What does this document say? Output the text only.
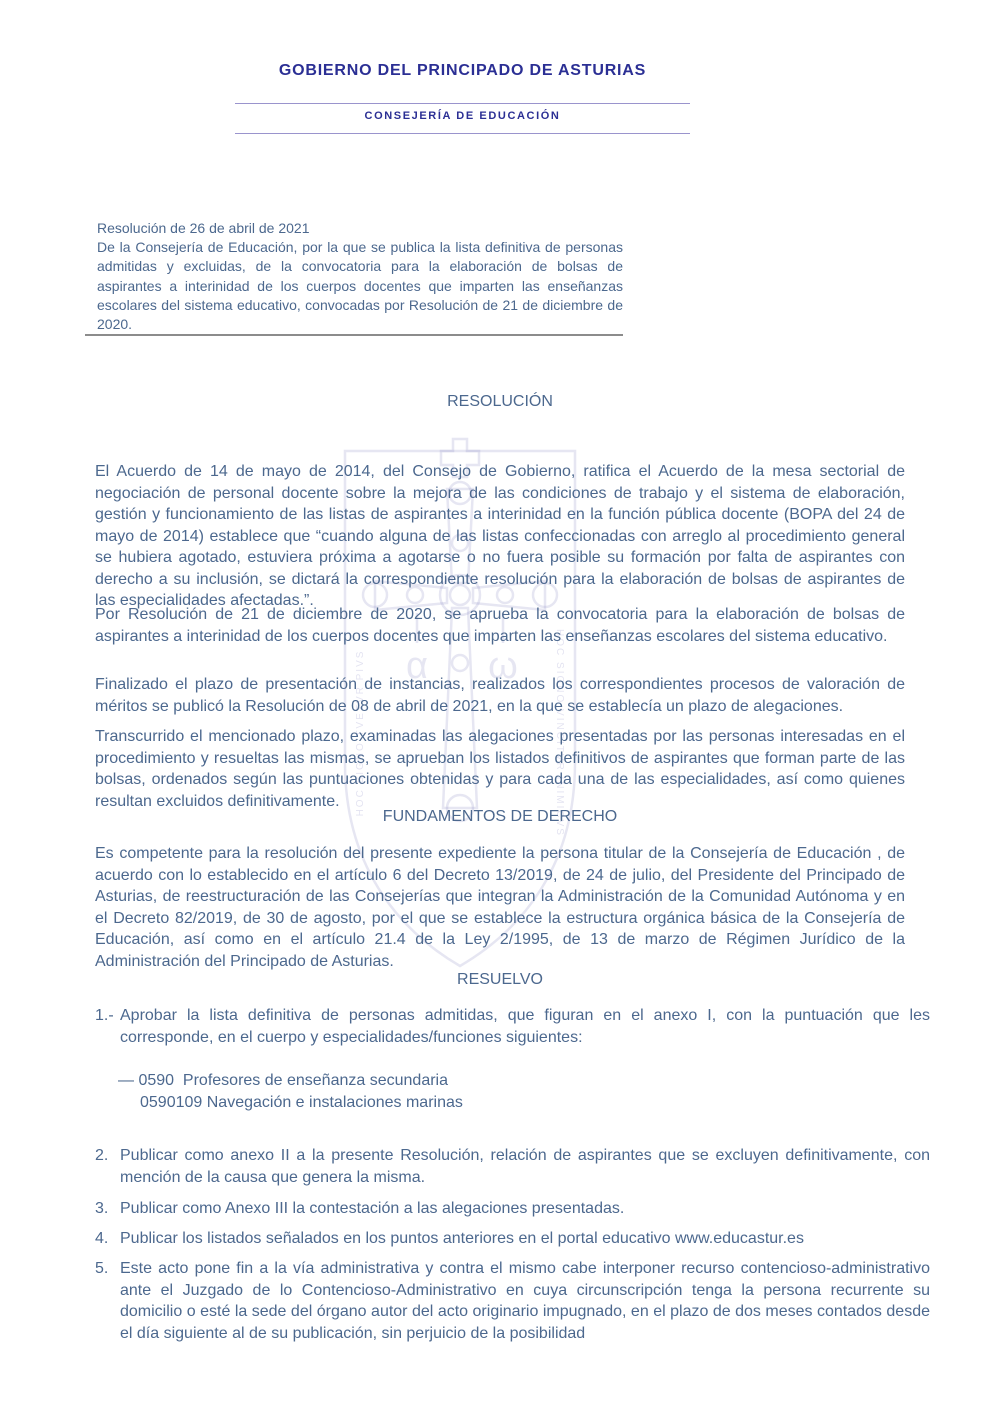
α ω
HOC SIGNO TVETVR PIVS	HOC SIGNO VINCITVR INIMICVS
GOBIERNO DEL PRINCIPADO DE ASTURIAS
CONSEJERÍA DE EDUCACIÓN
Resolución de 26 de abril de 2021
De la Consejería de Educación, por la que se publica la lista definitiva de personas admitidas y excluidas, de la convocatoria para la elaboración de bolsas de aspirantes a interinidad de los cuerpos docentes que imparten las enseñanzas escolares del sistema educativo, convocadas por Resolución de 21 de diciembre de 2020.
RESOLUCIÓN
El Acuerdo de 14 de mayo de 2014, del Consejo de Gobierno, ratifica el Acuerdo de la mesa sectorial de negociación de personal docente sobre la mejora de las condiciones de trabajo y el sistema de elaboración, gestión y funcionamiento de las listas de aspirantes a interinidad en la función pública docente (BOPA del 24 de mayo de 2014) establece que “cuando alguna de las listas confeccionadas con arreglo al procedimiento general se hubiera agotado, estuviera próxima a agotarse o no fuera posible su formación por falta de aspirantes con derecho a su inclusión, se dictará la correspondiente resolución para la elaboración de bolsas de aspirantes de las especialidades afectadas.”.
Por Resolución de 21 de diciembre de 2020, se aprueba la convocatoria para la elaboración de bolsas de aspirantes a interinidad de los cuerpos docentes que imparten las enseñanzas escolares del sistema educativo.
Finalizado el plazo de presentación de instancias, realizados los correspondientes procesos de valoración de méritos se publicó la Resolución de 08 de abril de 2021, en la que se establecía un plazo de alegaciones.
Transcurrido el mencionado plazo, examinadas las alegaciones presentadas por las personas interesadas en el procedimiento y resueltas las mismas, se aprueban los listados definitivos de aspirantes que forman parte de las bolsas, ordenados según las puntuaciones obtenidas y para cada una de las especialidades, así como quienes resultan excluidos definitivamente.
FUNDAMENTOS DE DERECHO
Es competente para la resolución del presente expediente la persona titular de la Consejería de Educación , de acuerdo con lo establecido en el artículo 6 del Decreto 13/2019, de 24 de julio, del Presidente del Principado de Asturias, de reestructuración de las Consejerías que integran la Administración de la Comunidad Autónoma y en el Decreto 82/2019, de 30 de agosto, por el que se establece la estructura orgánica básica de la Consejería de Educación, así como en el artículo 21.4 de la Ley 2/1995, de 13 de marzo de Régimen Jurídico de la Administración del Principado de Asturias.
RESUELVO
1.- Aprobar la lista definitiva de personas admitidas, que figuran en el anexo I, con la puntuación que les corresponde, en el cuerpo y especialidades/funciones siguientes:
— 0590  Profesores de enseñanza secundaria
0590109 Navegación e instalaciones marinas
2. Publicar como anexo II a la presente Resolución, relación de aspirantes que se excluyen definitivamente, con mención de la causa que genera la misma.
3. Publicar como Anexo III la contestación a las alegaciones presentadas.
4. Publicar los listados señalados en los puntos anteriores en el portal educativo www.educastur.es
5. Este acto pone fin a la vía administrativa y contra el mismo cabe interponer recurso contencioso-administrativo ante el Juzgado de lo Contencioso-Administrativo en cuya circunscripción tenga la persona recurrente su domicilio o esté la sede del órgano autor del acto originario impugnado, en el plazo de dos meses contados desde el día siguiente al de su publicación, sin perjuicio de la posibilidad
